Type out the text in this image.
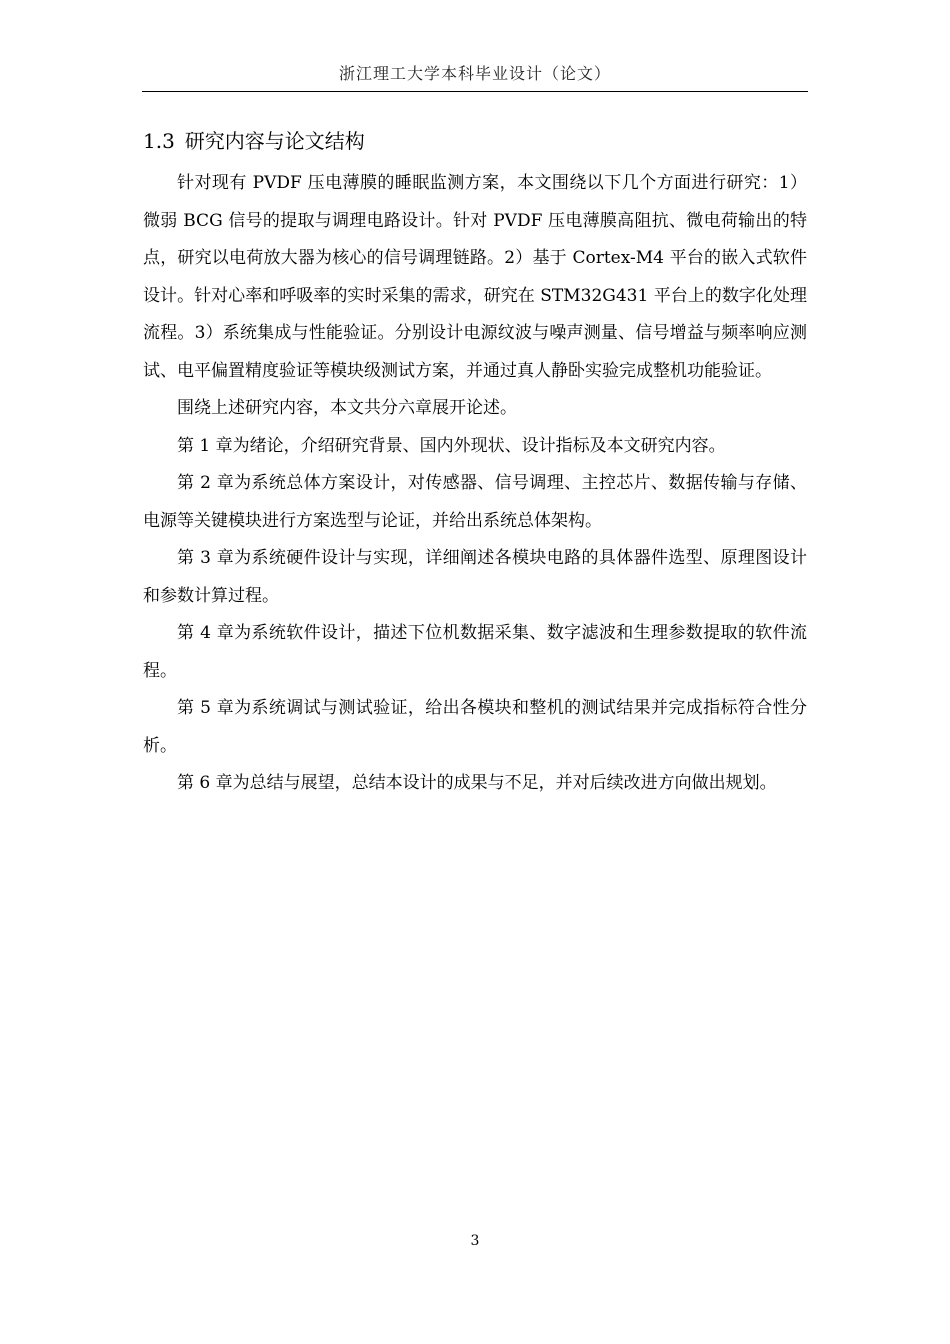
浙江理工大学本科毕业设计（论文）
1.3 研究内容与论文结构

针对现有 PVDF 压电薄膜的睡眠监测方案，本文围绕以下几个方面进行研究：1）微弱 BCG 信号的提取与调理电路设计。针对 PVDF 压电薄膜高阻抗、微电荷输出的特点，研究以电荷放大器为核心的信号调理链路。2）基于 Cortex-M4 平台的嵌入式软件设计。针对心率和呼吸率的实时采集的需求，研究在 STM32G431 平台上的数字化处理流程。3）系统集成与性能验证。分别设计电源纹波与噪声测量、信号增益与频率响应测试、电平偏置精度验证等模块级测试方案，并通过真人静卧实验完成整机功能验证。

围绕上述研究内容，本文共分六章展开论述。

第 1 章为绪论，介绍研究背景、国内外现状、设计指标及本文研究内容。

第 2 章为系统总体方案设计，对传感器、信号调理、主控芯片、数据传输与存储、电源等关键模块进行方案选型与论证，并给出系统总体架构。

第 3 章为系统硬件设计与实现，详细阐述各模块电路的具体器件选型、原理图设计和参数计算过程。

第 4 章为系统软件设计，描述下位机数据采集、数字滤波和生理参数提取的软件流程。

第 5 章为系统调试与测试验证，给出各模块和整机的测试结果并完成指标符合性分析。

第 6 章为总结与展望，总结本设计的成果与不足，并对后续改进方向做出规划。

3
